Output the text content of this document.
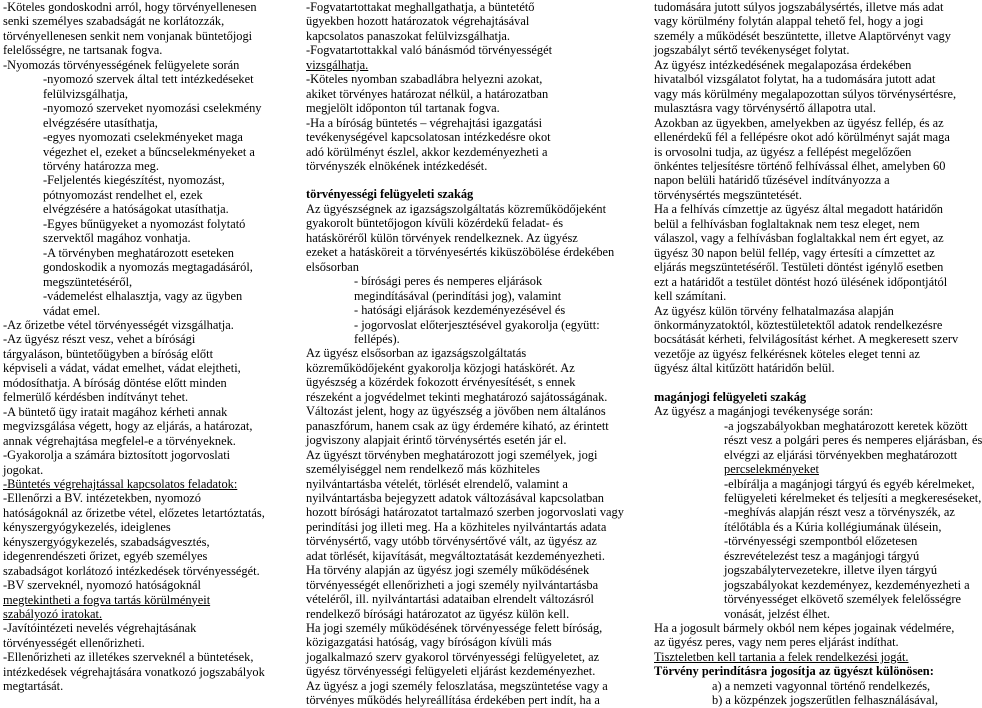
-Köteles gondoskodni arról, hogy törvényellenesen
senki személyes szabadságát ne korlátozzák,
törvényellenesen senkit nem vonjanak büntetőjogi
felelősségre, ne tartsanak fogva.
-Nyomozás törvényességének felügyelete során
-nyomozó szervek által tett intézkedéseket
felülvizsgálhatja,
-nyomozó szerveket nyomozási cselekmény
elvégzésére utasíthatja,
-egyes nyomozati cselekményeket maga
végezhet el, ezeket a bűncselekményeket a
törvény határozza meg.
-Feljelentés kiegészítést, nyomozást,
pótnyomozást rendelhet el, ezek
elvégzésére a hatóságokat utasíthatja.
-Egyes bűnügyeket a nyomozást folytató
szervektől magához vonhatja.
-A törvényben meghatározott eseteken
gondoskodik a nyomozás megtagadásáról,
megszüntetéséről,
-vádemelést elhalasztja, vagy az ügyben
vádat emel.
-Az őrizetbe vétel törvényességét vizsgálhatja.
-Az ügyész részt vesz, vehet a bírósági
tárgyaláson, büntetőügyben a bíróság előtt
képviseli a vádat, vádat emelhet, vádat elejtheti,
módosíthatja. A bíróság döntése előtt minden
felmerülő kérdésben indítványt tehet.
-A büntető ügy iratait magához kérheti annak
megvizsgálása végett, hogy az eljárás, a határozat,
annak végrehajtása megfelel-e a törvényeknek.
-Gyakorolja a számára biztosított jogorvoslati
jogokat.
-Büntetés végrehajtással kapcsolatos feladatok:
-Ellenőrzi a BV. intézetekben, nyomozó
hatóságoknál az őrizetbe vétel, előzetes letartóztatás,
kényszergyógykezelés, ideiglenes
kényszergyógykezelés, szabadságvesztés,
idegenrendészeti őrizet, egyéb személyes
szabadságot korlátozó intézkedések törvényességét.
-BV szerveknél, nyomozó hatóságoknál
megtekintheti a fogva tartás körülményeit
szabályozó iratokat.
-Javítóintézeti nevelés végrehajtásának
törvényességét ellenőrizheti.
-Ellenőrizheti az illetékes szerveknél a büntetések,
intézkedések végrehajtására vonatkozó jogszabályok
megtartását.
-Fogvatartottakat meghallgathatja, a büntetétő
ügyekben hozott határozatok végrehajtásával
kapcsolatos panaszokat felülvizsgálhatja.
-Fogvatartottakkal való bánásmód törvényességét
vizsgálhatja.
-Köteles nyomban szabadlábra helyezni azokat,
akiket törvényes határozat nélkül, a határozatban
megjelölt időponton túl tartanak fogva.
-Ha a bíróság büntetés – végrehajtási igazgatási
tevékenységével kapcsolatosan intézkedésre okot
adó körülményt észlel, akkor kezdeményezheti a
törvényszék elnökének intézkedését.
törvényességi felügyeleti szakág
Az ügyészségnek az igazságszolgáltatás közreműködőjeként
gyakorolt büntetőjogon kívüli közérdekű feladat- és
hatásköréről külön törvények rendelkeznek. Az ügyész
ezeket a hatásköreit a törvényesértés kiküszöbölése érdekében
elsősorban
- bírósági peres és nemperes eljárások
megindításával (perindítási jog), valamint
- hatósági eljárások kezdeményezésével és
- jogorvoslat előterjesztésével gyakorolja (együtt:
fellépés).
Az ügyész elsősorban az igazságszolgáltatás
közreműködőjeként gyakorolja közjogi hatáskörét. Az
ügyészség a közérdek fokozott érvényesítését, s ennek
részeként a jogvédelmet tekinti meghatározó sajátosságának.
Változást jelent, hogy az ügyészség a jövőben nem általános
panaszfórum, hanem csak az ügy érdemére kiható, az érintett
jogviszony alapjait érintő törvénysértés esetén jár el.
Az ügyészt törvényben meghatározott jogi személyek, jogi
személyiséggel nem rendelkező más közhiteles
nyilvántartásba vételét, törlését elrendelő, valamint a
nyilvántartásba bejegyzett adatok változásával kapcsolatban
hozott bírósági határozatot tartalmazó szerben jogorvoslati vagy
perindítási jog illeti meg. Ha a közhiteles nyilvántartás adata
törvénysértő, vagy utóbb törvénysértővé vált, az ügyész az
adat törlését, kijavítását, megváltoztatását kezdeményezheti.
Ha törvény alapján az ügyész jogi személy működésének
törvényességét ellenőrizheti a jogi személy nyilvántartásba
vételéről, ill. nyilvántartási adataiban elrendelt változásról
rendelkező bírósági határozatot az ügyész külön kell.
Ha jogi személy működésének törvényessége felett bíróság,
közigazgatási hatóság, vagy bíróságon kívüli más
jogalkalmazó szerv gyakorol törvényességi felügyeletet, az
ügyész törvényességi felügyeleti eljárást kezdeményezhet.
Az ügyész a jogi személy feloszlatása, megszüntetése vagy a
törvényes működés helyreállítása érdekében pert indít, ha a
tudomására jutott súlyos jogszabálysértés, illetve más adat
vagy körülmény folytán alappal tehető fel, hogy a jogi
személy a működését beszüntette, illetve Alaptörvényt vagy
jogszabályt sértő tevékenységet folytat.
Az ügyész intézkedésének megalapozása érdekében
hivatalból vizsgálatot folytat, ha a tudomására jutott adat
vagy más körülmény megalapozottan súlyos törvénysértésre,
mulasztásra vagy törvénysértő állapotra utal.
Azokban az ügyekben, amelyekben az ügyész fellép, és az
ellenérdekű fél a fellépésre okot adó körülményt saját maga
is orvosolni tudja, az ügyész a fellépést megelőzően
önkéntes teljesítésre történő felhívással élhet, amelyben 60
napon belüli határidő tűzésével indítványozza a
törvénysértés megszüntetését.
Ha a felhívás címzettje az ügyész által megadott határidőn
belül a felhívásban foglaltaknak nem tesz eleget, nem
válaszol, vagy a felhívásban foglaltakkal nem ért egyet, az
ügyész 30 napon belül fellép, vagy értesíti a címzettet az
eljárás megszüntetéséről. Testületi döntést igénylő esetben
ezt a határidőt a testület döntést hozó ülésének időpontjától
kell számítani.
Az ügyész külön törvény felhatalmazása alapján
önkormányzatoktól, köztestületektől adatok rendelkezésre
bocsátását kérheti, felvilágosítást kérhet. A megkeresett szerv
vezetője az ügyész felkérésnek köteles eleget tenni az
ügyész által kitűzött határidőn belül.
magánjogi felügyeleti szakág
Az ügyész a magánjogi tevékenysége során:
-a jogszabályokban meghatározott keretek között
részt vesz a polgári peres és nemperes eljárásban, és
elvégzi az eljárási törvényekben meghatározott
percselekményeket
-elbírálja a magánjogi tárgyú és egyéb kérelmeket,
felügyeleti kérelmeket és teljesíti a megkereséseket,
-meghívás alapján részt vesz a törvényszék, az
ítélőtábla és a Kúria kollégiumának ülésein,
-törvényességi szempontból előzetesen
észrevételezést tesz a magánjogi tárgyú
jogszabálytervezetekre, illetve ilyen tárgyú
jogszabályokat kezdeményez, kezdeményezheti a
törvényességet elkövető személyek felelősségre
vonását, jelzést élhet.
Ha a jogosult bármely okból nem képes jogainak védelmére,
az ügyész peres, vagy nem peres eljárást indíthat.
Tiszteletben kell tartania a felek rendelkezési jogát.
Törvény perindításra jogosítja az ügyészt különösen:
a) a nemzeti vagyonnal történő rendelkezés,
b) a közpénzek jogszerűtlen felhasználásával,
